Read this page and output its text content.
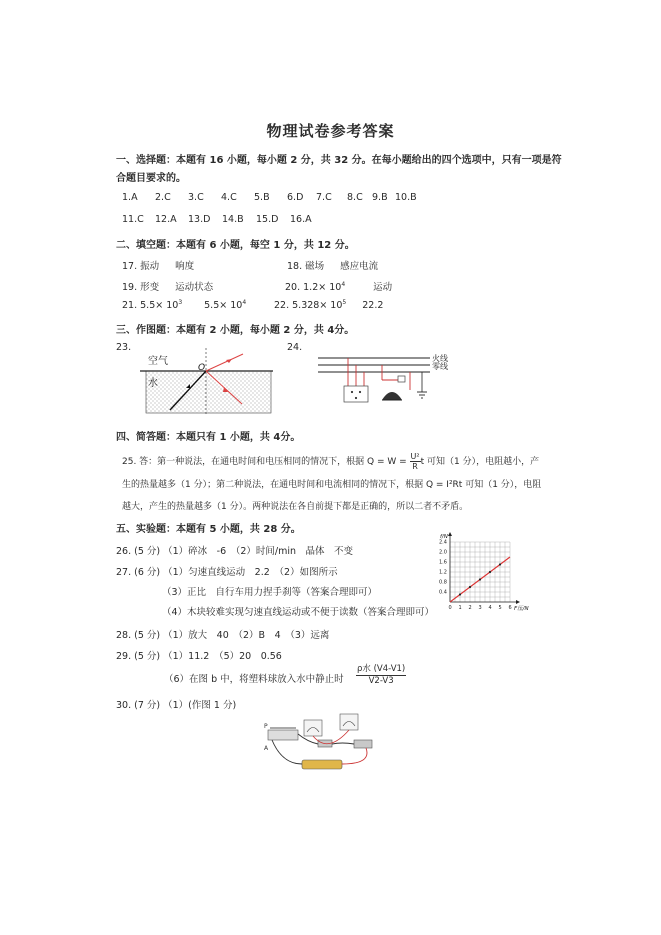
物理试卷参考答案
一、选择题：本题有 16 小题，每小题 2 分，共 32 分。在每小题给出的四个选项中，只有一项是符
合题目要求的。
1.A 2.C 3.C 4.C 5.B 6.D 7.C 8.C 9.B 10.B
11.C 12.A 13.D 14.B 15.D 16.A
二、填空题：本题有 6 小题，每空 1 分，共 12 分。
17. 振动 响度	18. 磁场 感应电流
19. 形变 运动状态	20. $1.2\times 10^4$	运动
21. $5.5\times 10^3$ $5.5\times 10^4$	22. $5.328\times 10^5$ 22.2
三、作图题：本题有 2 小题，每小题 2 分，共 4分。
23.	24.
空气
水
O
火线
零线
四、简答题：本题只有 1 小题，共 4分。
25. 答：第一种说法，在通电时间和电压相同的情况下，根据 $Q = W = \frac{\text{U²}}{R}$ t 可知（1 分），电阻越小，产
生的热量越多（1 分）；第二种说法，在通电时间和电流相同的情况下，根据 Q = I²Rt 可知（1 分），电阻
越大，产生的热量越多（1 分）。两种说法在各自前提下都是正确的，所以二者不矛盾。
五、实验题：本题有 5 小题，共 28 分。
26. (5 分) （1）碎冰　-6　（2）时间/min　晶体　不变
27. (6 分) （1）匀速直线运动　2.2　（2）如图所示
（3）正比　自行车用力捏手刹等（答案合理即可）
（4）木块较难实现匀速直线运动或不便于读数（答案合理即可）
28. (5 分) （1）放大　40　（2）B　4　（3）远离
29. (5 分) （1）11.2　（5）20　0.56
（6）在图 b 中，将塑料球放入水中静止时 $\frac{\text{ρ水 (V4-V1)}}{V2-V3}$
30. (7 分) （1）(作图 1 分)
0 1 2 3 4 5 6
0.4
0.8
1.2
1.6
2.0
2.4
f/N
F压/N
A
P
